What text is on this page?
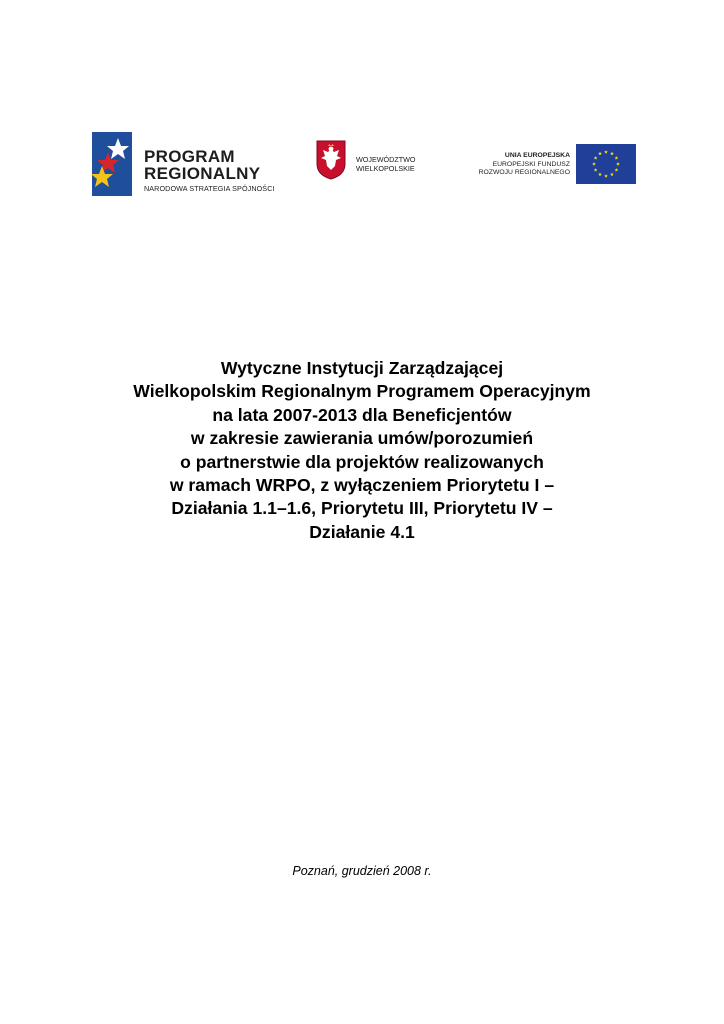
PROGRAM
REGIONALNY
NARODOWA STRATEGIA SPÓJNOŚCI
WOJEWÓDZTWO
WIELKOPOLSKIE
UNIA EUROPEJSKA
EUROPEJSKI FUNDUSZ
ROZWOJU REGIONALNEGO
Wytyczne Instytucji Zarządzającej
Wielkopolskim Regionalnym Programem Operacyjnym
na lata 2007-2013 dla Beneficjentów
w zakresie zawierania umów/porozumień
o partnerstwie dla projektów realizowanych
w ramach WRPO, z wyłączeniem Priorytetu I –
Działania 1.1–1.6, Priorytetu III, Priorytetu IV –
Działanie 4.1
Poznań, grudzień 2008 r.
